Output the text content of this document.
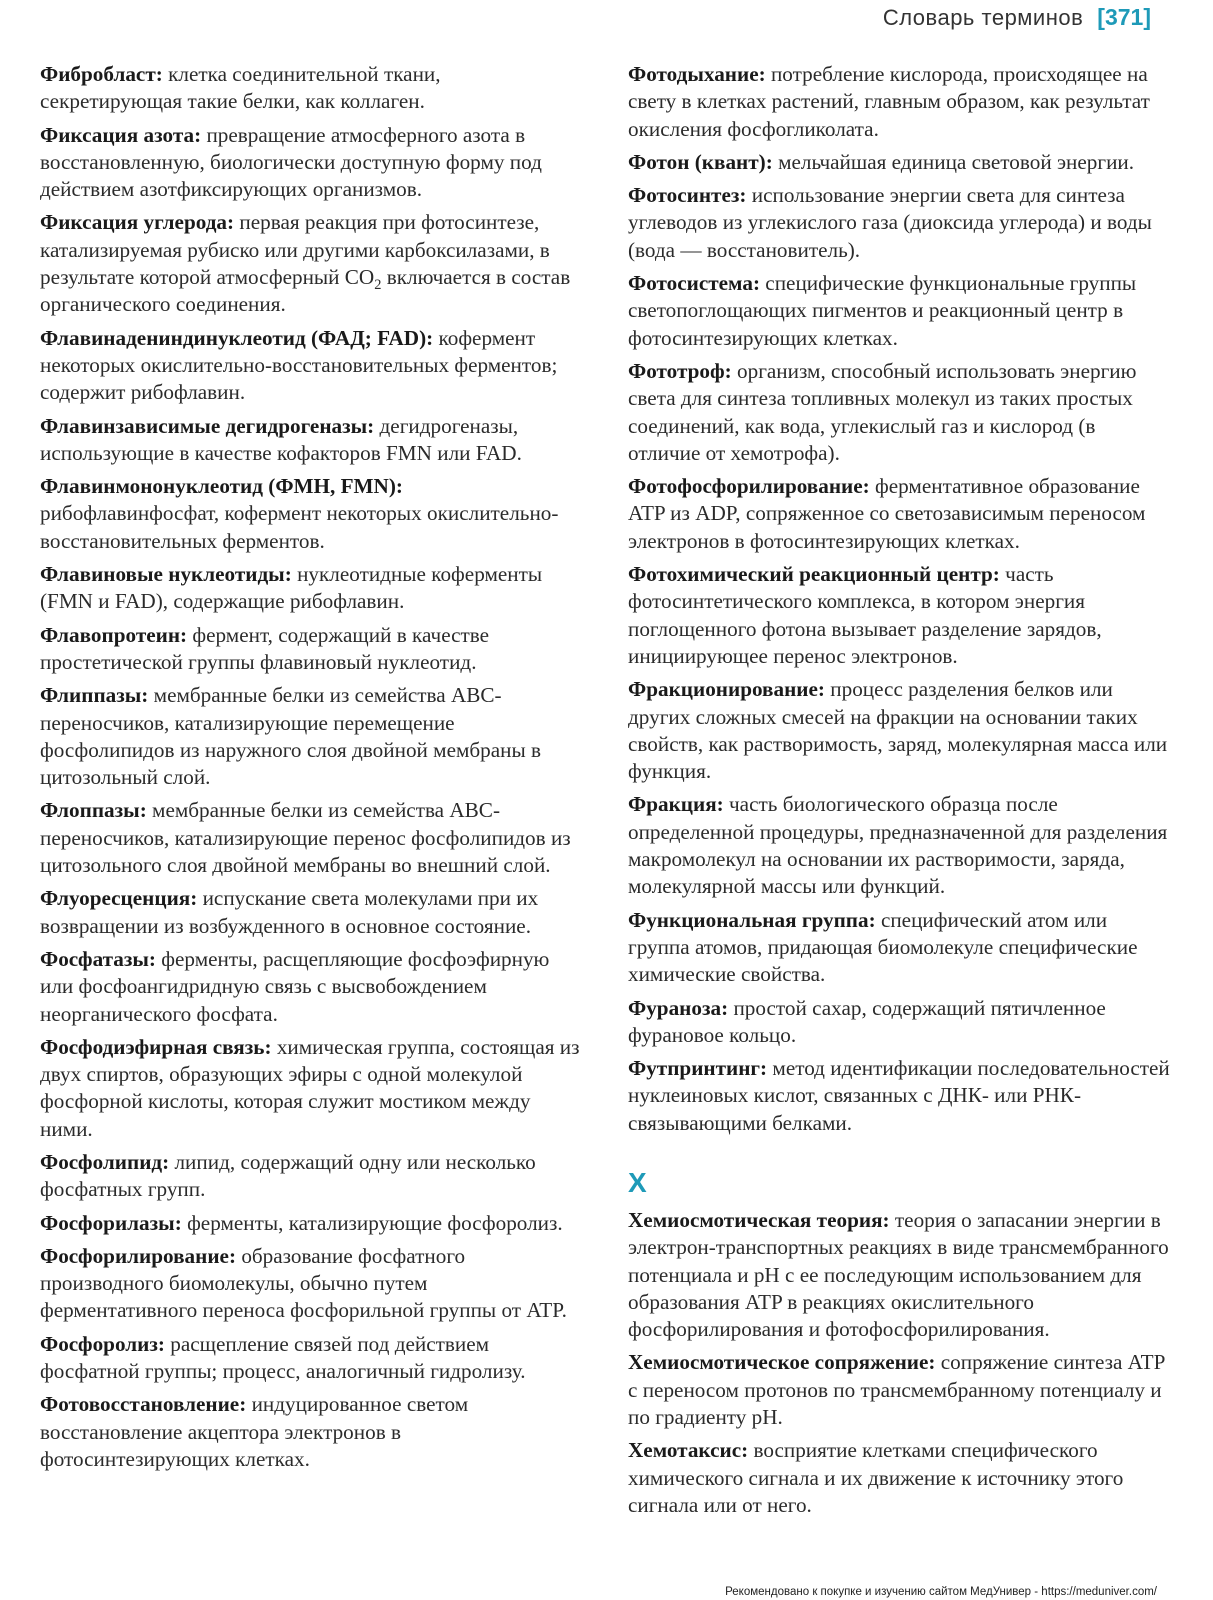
Словарь терминов [371]

Фибробласт: клетка соединительной ткани, секретирующая такие белки, как коллаген.

Фиксация азота: превращение атмосферного азота в восстановленную, биологически доступную форму под действием азотфиксирующих организмов.

Фиксация углерода: первая реакция при фотосинтезе, катализируемая рубиско или другими карбоксилазами, в результате которой атмосферный $CO_2$ включается в состав органического соединения.

Флавинадениндинуклеотид (ФАД; FAD): кофермент некоторых окислительно-восстановительных ферментов; содержит рибофлавин.

Флавинзависимые дегидрогеназы: дегидрогеназы, использующие в качестве кофакторов FMN или FAD.

Флавинмононуклеотид (ФМН, FMN): рибофлавинфосфат, кофермент некоторых окислительно-восстановительных ферментов.

Флавиновые нуклеотиды: нуклеотидные коферменты (FMN и FAD), содержащие рибофлавин.

Флавопротеин: фермент, содержащий в качестве простетической группы флавиновый нуклеотид.

Флиппазы: мембранные белки из семейства ABC-переносчиков, катализирующие перемещение фосфолипидов из наружного слоя двойной мембраны в цитозольный слой.

Флоппазы: мембранные белки из семейства ABC-переносчиков, катализирующие перенос фосфолипидов из цитозольного слоя двойной мембраны во внешний слой.

Флуоресценция: испускание света молекулами при их возвращении из возбужденного в основное состояние.

Фосфатазы: ферменты, расщепляющие фосфоэфирную или фосфоангидридную связь с высвобождением неорганического фосфата.

Фосфодиэфирная связь: химическая группа, состоящая из двух спиртов, образующих эфиры с одной молекулой фосфорной кислоты, которая служит мостиком между ними.

Фосфолипид: липид, содержащий одну или несколько фосфатных групп.

Фосфорилазы: ферменты, катализирующие фосфоролиз.

Фосфорилирование: образование фосфатного производного биомолекулы, обычно путем ферментативного переноса фосфорильной группы от ATP.

Фосфоролиз: расщепление связей под действием фосфатной группы; процесс, аналогичный гидролизу.

Фотовосстановление: индуцированное светом восстановление акцептора электронов в фотосинтезирующих клетках.

Фотодыхание: потребление кислорода, происходящее на свету в клетках растений, главным образом, как результат окисления фосфогликолата.

Фотон (квант): мельчайшая единица световой энергии.

Фотосинтез: использование энергии света для синтеза углеводов из углекислого газа (диоксида углерода) и воды (вода — восстановитель).

Фотосистема: специфические функциональные группы светопоглощающих пигментов и реакционный центр в фотосинтезирующих клетках.

Фототроф: организм, способный использовать энергию света для синтеза топливных молекул из таких простых соединений, как вода, углекислый газ и кислород (в отличие от хемотрофа).

Фотофосфорилирование: ферментативное образование ATP из ADP, сопряженное со светозависимым переносом электронов в фотосинтезирующих клетках.

Фотохимический реакционный центр: часть фотосинтетического комплекса, в котором энергия поглощенного фотона вызывает разделение зарядов, инициирующее перенос электронов.

Фракционирование: процесс разделения белков или других сложных смесей на фракции на основании таких свойств, как растворимость, заряд, молекулярная масса или функция.

Фракция: часть биологического образца после определенной процедуры, предназначенной для разделения макромолекул на основании их растворимости, заряда, молекулярной массы или функций.

Функциональная группа: специфический атом или группа атомов, придающая биомолекуле специфические химические свойства.

Фураноза: простой сахар, содержащий пятичленное фурановое кольцо.

Футпринтинг: метод идентификации последовательностей нуклеиновых кислот, связанных с ДНК- или РНК-связывающими белками.

Х

Хемиосмотическая теория: теория о запасании энергии в электрон-транспортных реакциях в виде трансмембранного потенциала и pH с ее последующим использованием для образования ATP в реакциях окислительного фосфорилирования и фотофосфорилирования.

Хемиосмотическое сопряжение: сопряжение синтеза ATP с переносом протонов по трансмембранному потенциалу и по градиенту pH.

Хемотаксис: восприятие клетками специфического химического сигнала и их движение к источнику этого сигнала или от него.

Рекомендовано к покупке и изучению сайтом МедУнивер - https://meduniver.com/
